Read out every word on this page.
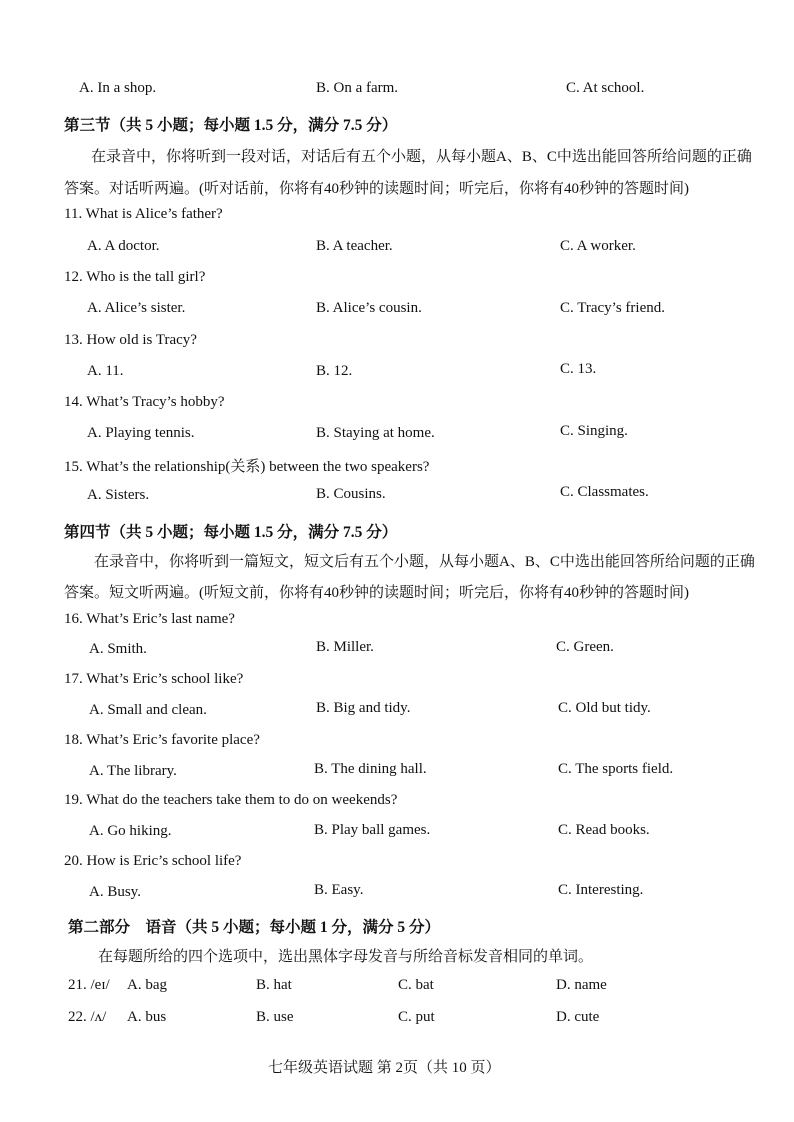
A. In a shop.	B. On a farm.	C. At school.
第三节（共 5 小题；每小题 1.5 分，满分 7.5 分）
在录音中，你将听到一段对话，对话后有五个小题，从每小题A、B、C中选出能回答所给问题的正确
答案。对话听两遍。(听对话前，你将有40秒钟的读题时间；听完后，你将有40秒钟的答题时间)
11. What is Alice’s father?
A. A doctor.	B. A teacher.	C. A worker.
12. Who is the tall girl?
A. Alice’s sister.	B. Alice’s cousin.	C. Tracy’s friend.
13. How old is Tracy?
A. 11.	B. 12.	C. 13.
14. What’s Tracy’s hobby?
A. Playing tennis.	B. Staying at home.	C. Singing.
15. What’s the relationship(关系) between the two speakers?
A. Sisters.	B. Cousins.	C. Classmates.
第四节（共 5 小题；每小题 1.5 分，满分 7.5 分）
在录音中，你将听到一篇短文，短文后有五个小题，从每小题A、B、C中选出能回答所给问题的正确
答案。短文听两遍。(听短文前，你将有40秒钟的读题时间；听完后，你将有40秒钟的答题时间)
16. What’s Eric’s last name?
A. Smith.	B. Miller.	C. Green.
17. What’s Eric’s school like?
A. Small and clean.	B. Big and tidy.	C. Old but tidy.
18. What’s Eric’s favorite place?
A. The library.	B. The dining hall.	C. The sports field.
19. What do the teachers take them to do on weekends?
A. Go hiking.	B. Play ball games.	C. Read books.
20. How is Eric’s school life?
A. Busy.	B. Easy.	C. Interesting.
第二部分　语音（共 5 小题；每小题 1 分，满分 5 分）
在每题所给的四个选项中，选出黑体字母发音与所给音标发音相同的单词。
21. /eɪ/ A. bag	B. hat	C. bat	D. name
22. /ʌ/ A. bus	B. use	C. put	D. cute
七年级英语试题 第 2页（共 10 页）
